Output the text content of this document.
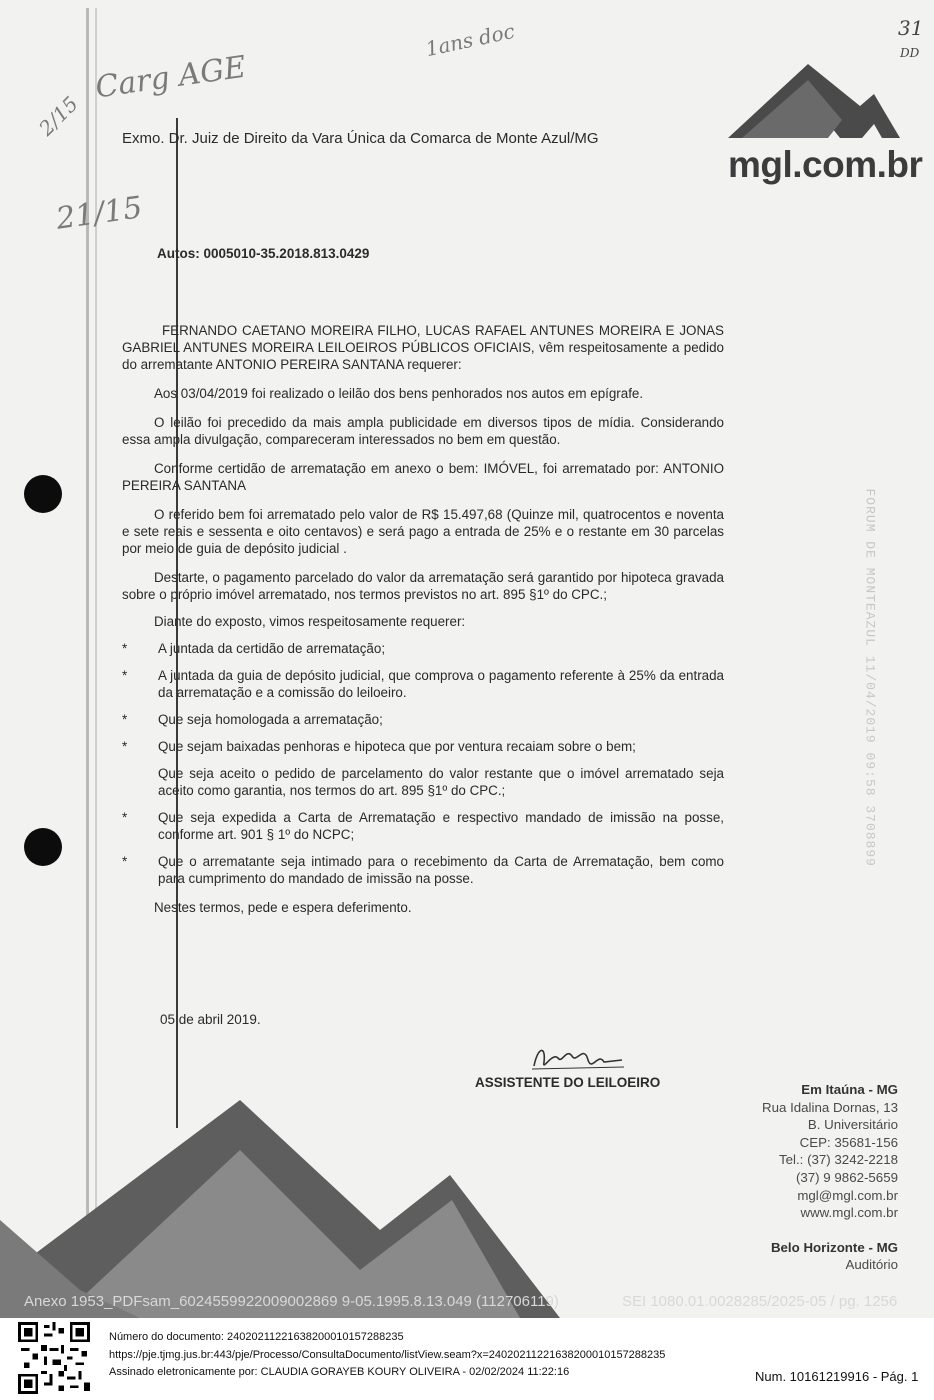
Carg AGE
1ans doc
2/15
21/15
31
DD
mgl.com.br
Exmo. Dr. Juiz de Direito da Vara Única da Comarca de Monte Azul/MG
Autos: 0005010-35.2018.813.0429

FERNANDO CAETANO MOREIRA FILHO, LUCAS RAFAEL ANTUNES MOREIRA E JONAS GABRIEL ANTUNES MOREIRA LEILOEIROS PÚBLICOS OFICIAIS, vêm respeitosamente a pedido do arrematante ANTONIO PEREIRA SANTANA requerer:

Aos 03/04/2019 foi realizado o leilão dos bens penhorados nos autos em epígrafe.

O leilão foi precedido da mais ampla publicidade em diversos tipos de mídia. Considerando essa ampla divulgação, compareceram interessados no bem em questão.

Conforme certidão de arrematação em anexo o bem: IMÓVEL, foi arrematado por: ANTONIO PEREIRA SANTANA

O referido bem foi arrematado pelo valor de R$ 15.497,68 (Quinze mil, quatrocentos e noventa e sete reais e sessenta e oito centavos) e será pago a entrada de 25% e o restante em 30 parcelas por meio de guia de depósito judicial .

Destarte, o pagamento parcelado do valor da arrematação será garantido por hipoteca gravada sobre o próprio imóvel arrematado, nos termos previstos no art. 895 §1º do CPC.;

Diante do exposto, vimos respeitosamente requerer:

*	A juntada da certidão de arrematação;

*	A juntada da guia de depósito judicial, que comprova o pagamento referente à 25% da entrada da arrematação e a comissão do leiloeiro.

*	Que seja homologada a arrematação;

*	Que sejam baixadas penhoras e hipoteca que por ventura recaiam sobre o bem;

Que seja aceito o pedido de parcelamento do valor restante que o imóvel arrematado seja aceito como garantia, nos termos do art. 895 §1º do CPC.;

*	Que seja expedida a Carta de Arrematação e respectivo mandado de imissão na posse, conforme art. 901 § 1º do NCPC;

*	Que o arrematante seja intimado para o recebimento da Carta de Arrematação, bem como para cumprimento do mandado de imissão na posse.

Nestes termos, pede e espera deferimento.

FORUM DE MONTEAZUL 11/04/2019 09:58 3708899
05 de abril 2019.
ASSISTENTE DO LEILOEIRO	Em Itaúna - MG
Rua Idalina Dornas, 13
B. Universitário
CEP: 35681-156
Tel.: (37) 3242-2218
(37) 9 9862-5659
mgl@mgl.com.br
www.mgl.com.br
Belo Horizonte - MG
Auditório
Anexo 1953_PDFsam_6024559922009002869 9-05.1995.8.13.049 (112706119)	SEI 1080.01.0028285/2025-05 / pg. 1256
Número do documento: 24020211221638200010157288235
https://pje.tjmg.jus.br:443/pje/Processo/ConsultaDocumento/listView.seam?x=24020211221638200010157288235
Assinado eletronicamente por: CLAUDIA GORAYEB KOURY OLIVEIRA - 02/02/2024 11:22:16	Num. 10161219916 - Pág. 1
